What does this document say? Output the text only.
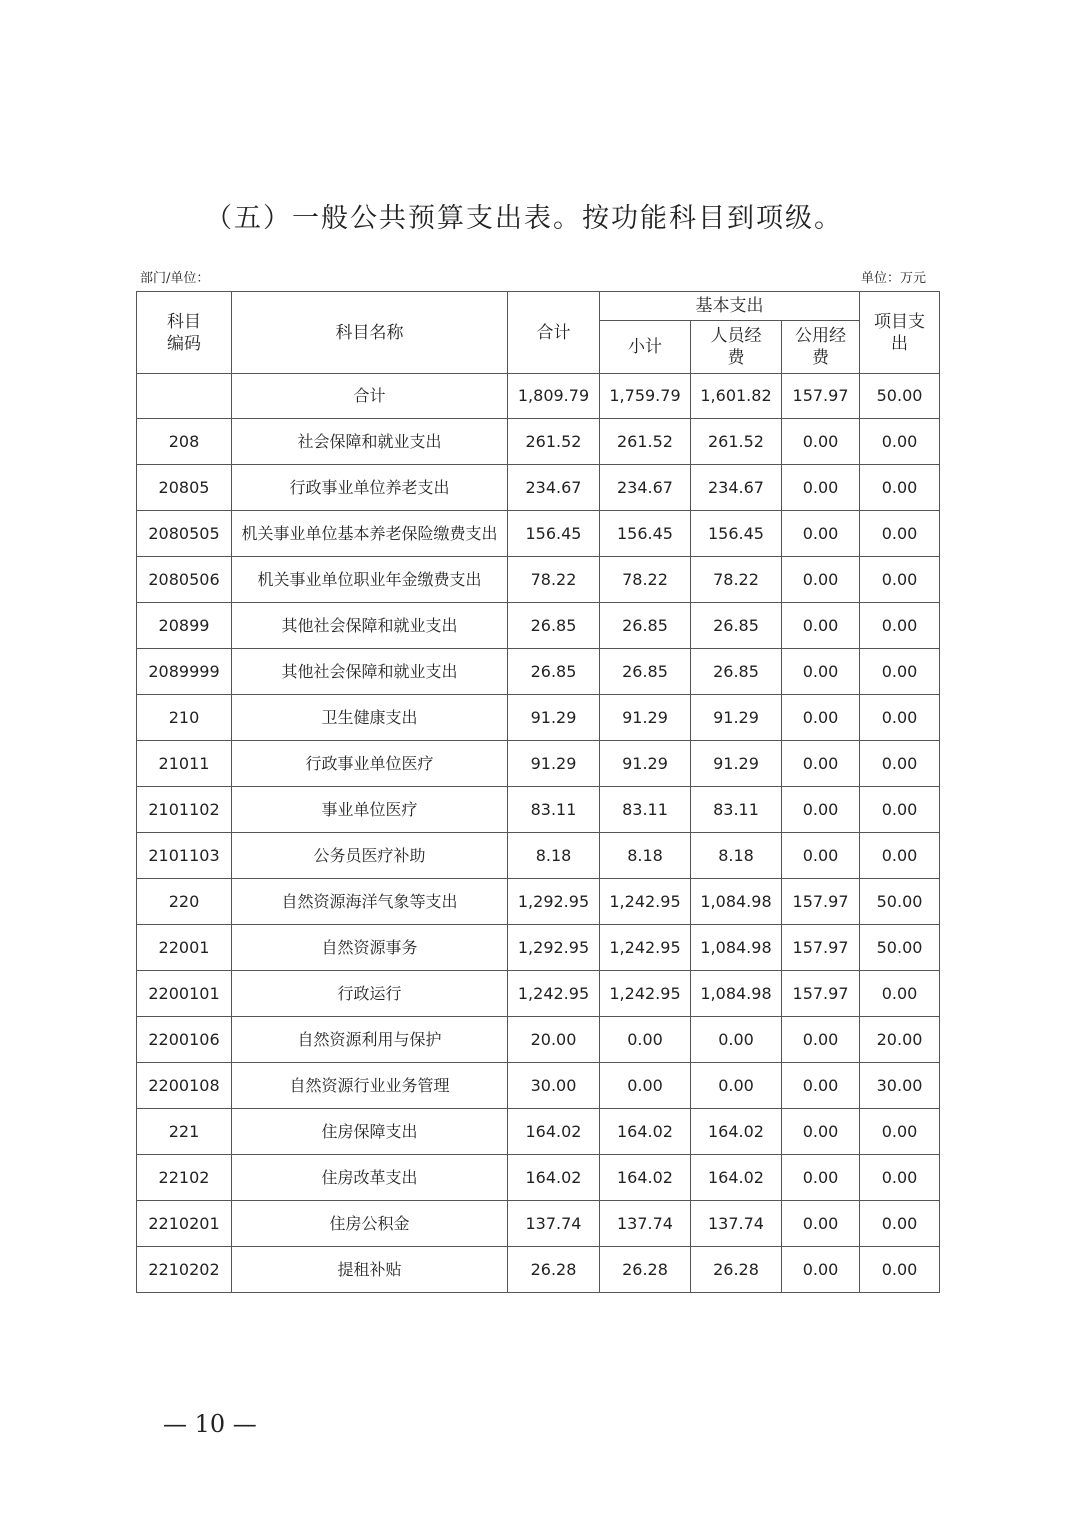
（五）一般公共预算支出表。按功能科目到项级。
部门/单位：	单位：万元
科目
编码	科目名称	合计	基本支出			项目支出
			小计	人员经费	公用经费	
	合计	1,809.79	1,759.79	1,601.82	157.97	50.00
208	社会保障和就业支出	261.52	261.52	261.52	0.00	0.00
20805	行政事业单位养老支出	234.67	234.67	234.67	0.00	0.00
2080505	机关事业单位基本养老保险缴费支出	156.45	156.45	156.45	0.00	0.00
2080506	机关事业单位职业年金缴费支出	78.22	78.22	78.22	0.00	0.00
20899	其他社会保障和就业支出	26.85	26.85	26.85	0.00	0.00
2089999	其他社会保障和就业支出	26.85	26.85	26.85	0.00	0.00
210	卫生健康支出	91.29	91.29	91.29	0.00	0.00
21011	行政事业单位医疗	91.29	91.29	91.29	0.00	0.00
2101102	事业单位医疗	83.11	83.11	83.11	0.00	0.00
2101103	公务员医疗补助	8.18	8.18	8.18	0.00	0.00
220	自然资源海洋气象等支出	1,292.95	1,242.95	1,084.98	157.97	50.00
22001	自然资源事务	1,292.95	1,242.95	1,084.98	157.97	50.00
2200101	行政运行	1,242.95	1,242.95	1,084.98	157.97	0.00
2200106	自然资源利用与保护	20.00	0.00	0.00	0.00	20.00
2200108	自然资源行业业务管理	30.00	0.00	0.00	0.00	30.00
221	住房保障支出	164.02	164.02	164.02	0.00	0.00
22102	住房改革支出	164.02	164.02	164.02	0.00	0.00
2210201	住房公积金	137.74	137.74	137.74	0.00	0.00
2210202	提租补贴	26.28	26.28	26.28	0.00	0.00
— 10 —
